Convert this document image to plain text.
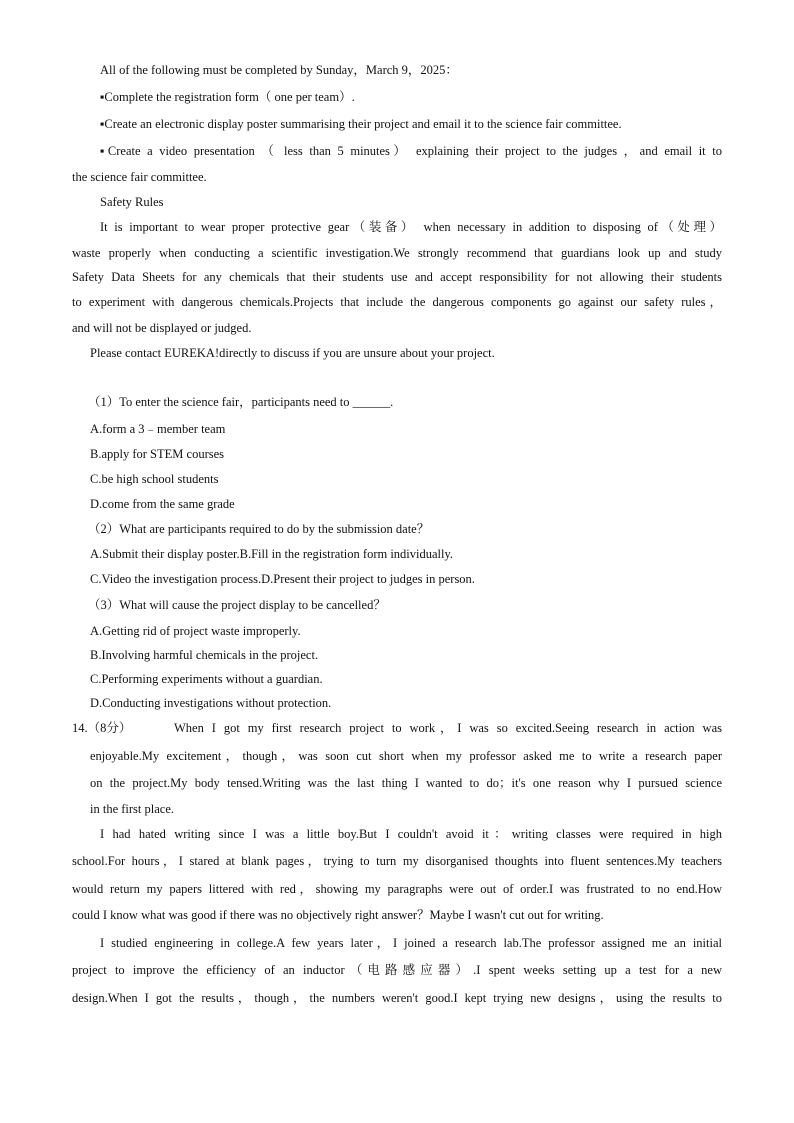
All of the following must be completed by Sunday，March 9，2025：
▪Complete the registration form（ one per team）.
▪Create an electronic display poster summarising their project and email it to the science fair committee.
▪Create a video presentation （ less than 5 minutes） explaining their project to the judges ，and email it to
the science fair committee.
Safety Rules
It is important to wear proper protective gear（装备） when necessary in addition to disposing of（处理）
waste properly when conducting a scientific investigation.We strongly recommend that guardians look up and study
Safety Data Sheets for any chemicals that their students use and accept responsibility for not allowing their students
to experiment with dangerous chemicals.Projects that include the dangerous components go against our safety rules，
and will not be displayed or judged.
Please contact EUREKA!directly to discuss if you are unsure about your project.
（1）To enter the science fair，participants need to ______.
A.form a 3﹣member team
B.apply for STEM courses
C.be high school students
D.come from the same grade
（2）What are participants required to do by the submission date？
A.Submit their display poster.B.Fill in the registration form individually.
C.Video the investigation process.D.Present their project to judges in person.
（3）What will cause the project display to be cancelled？
A.Getting rid of project waste improperly.
B.Involving harmful chemicals in the project.
C.Performing experiments without a guardian.
D.Conducting investigations without protection.
14.（8分）	When I got my first research project to work，I was so excited.Seeing research in action was
enjoyable.My excitement，though，was soon cut short when my professor asked me to write a research paper
on the project.My body tensed.Writing was the last thing I wanted to do；it's one reason why I pursued science
in the first place.
I had hated writing since I was a little boy.But I couldn't avoid it：writing classes were required in high
school.For hours，I stared at blank pages，trying to turn my disorganised thoughts into fluent sentences.My teachers
would return my papers littered with red，showing my paragraphs were out of order.I was frustrated to no end.How
could I know what was good if there was no objectively right answer？Maybe I wasn't cut out for writing.
I studied engineering in college.A few years later，I joined a research lab.The professor assigned me an initial
project to improve the efficiency of an inductor（电路感应器）.I spent weeks setting up a test for a new
design.When I got the results，though，the numbers weren't good.I kept trying new designs，using the results to
